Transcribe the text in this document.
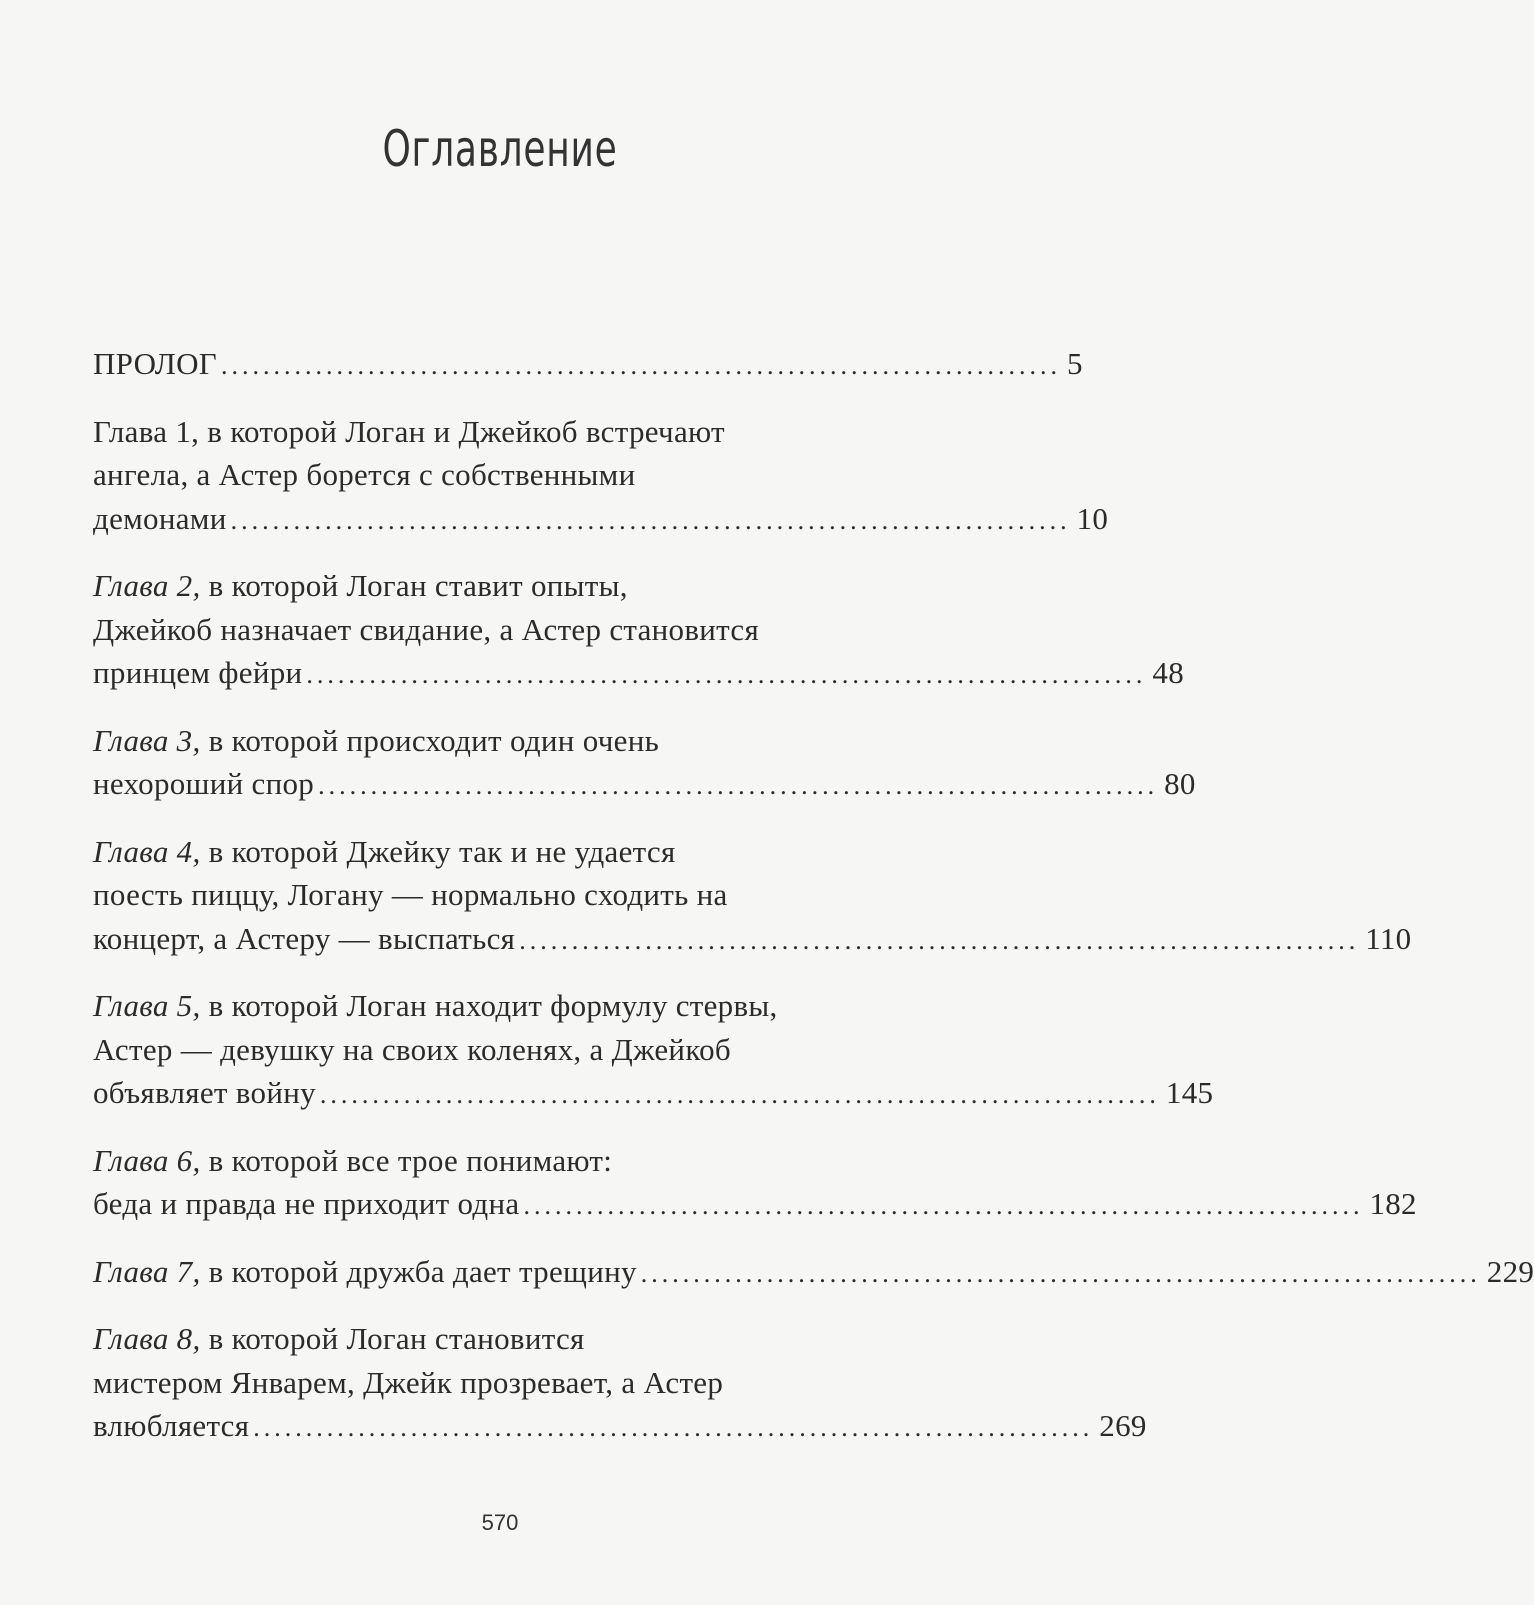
Оглавление
ПРОЛОГ ................................................................................ 5
Глава 1, в которой Логан и Джейкоб встречают
ангела, а Астер борется с собственными
демонами ................................................................................ 10
Глава 2, в которой Логан ставит опыты,
Джейкоб назначает свидание, а Астер становится
принцем фейри ................................................................................ 48
Глава 3, в которой происходит один очень
нехороший спор ................................................................................ 80
Глава 4, в которой Джейку так и не удается
поесть пиццу, Логану — нормально сходить на
концерт, а Астеру — выспаться ................................................................................ 110
Глава 5, в которой Логан находит формулу стервы,
Астер — девушку на своих коленях, а Джейкоб
объявляет войну ................................................................................ 145
Глава 6, в которой все трое понимают:
беда и правда не приходит одна ................................................................................ 182
Глава 7, в которой дружба дает трещину ................................................................................ 229
Глава 8, в которой Логан становится
мистером Январем, Джейк прозревает, а Астер
влюбляется ................................................................................ 269
570
